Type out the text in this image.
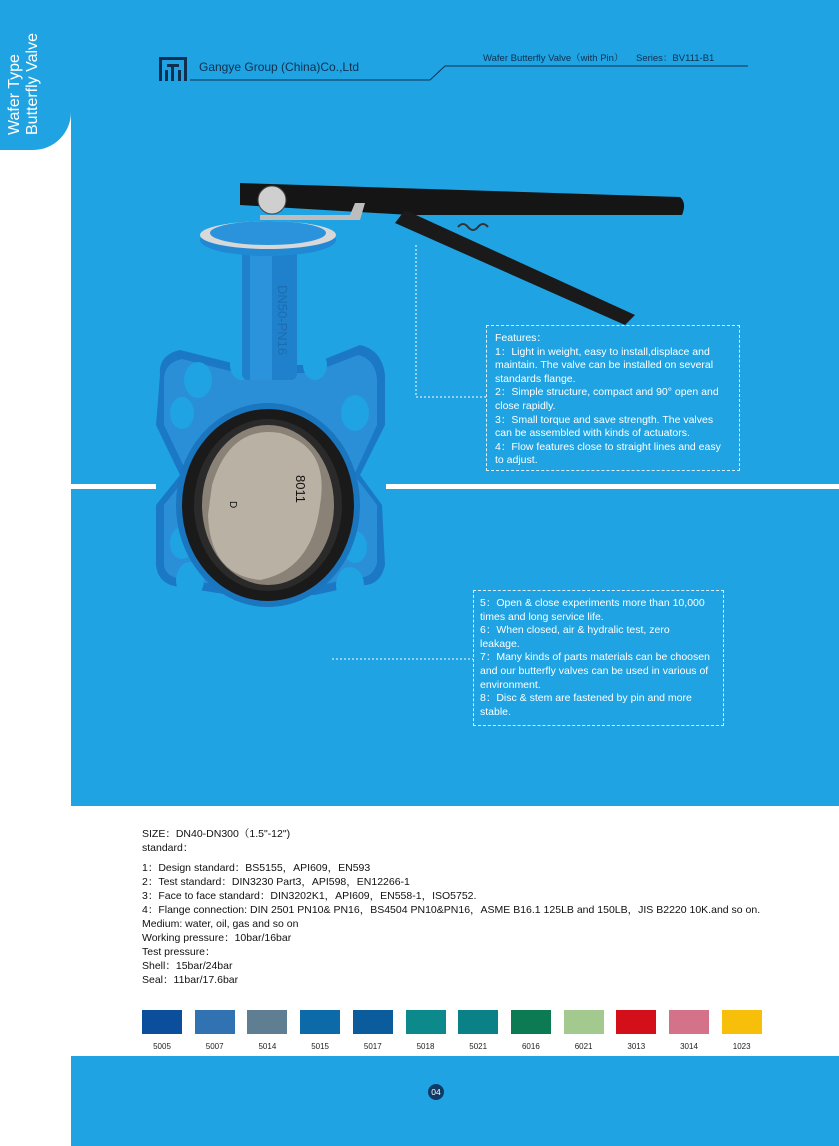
Wafer Type Butterfly Valve	Gangye Group (China)Co.,Ltd
Wafer Butterfly Valve（with Pin） Series：BV111-B1
DN50-PN16
8011
D
Features：
1：Light in weight, easy to install,displace and
maintain. The valve can be installed on several
standards flange.
2：Simple structure, compact and 90° open and
close rapidly.
3：Small torque and save strength. The valves
can be assembled with kinds of actuators.
4：Flow features close to straight lines and easy
to adjust.
5：Open & close experiments more than 10,000
times and long service life.
6：When closed, air & hydralic test, zero
leakage.
7：Many kinds of parts materials can be choosen
and our butterfly valves can be used in various of
environment.
8：Disc & stem are fastened by pin and more
stable.
SIZE：DN40-DN300（1.5"-12")
standard：
1：Design standard：BS5155，API609，EN593
2：Test standard：DIN3230 Part3，API598，EN12266-1
3：Face to face standard：DIN3202K1，API609，EN558-1，ISO5752.
4：Flange connection: DIN 2501 PN10& PN16，BS4504 PN10&PN16，ASME B16.1 125LB and 150LB，JIS B2220 10K.and so on.
Medium: water, oil, gas and so on
Working pressure：10bar/16bar
Test pressure：
Shell：15bar/24bar
Seal：11bar/17.6bar
5005	5007	5014	5015	5017	5018	5021	6016	6021	3013	3014	1023
04
